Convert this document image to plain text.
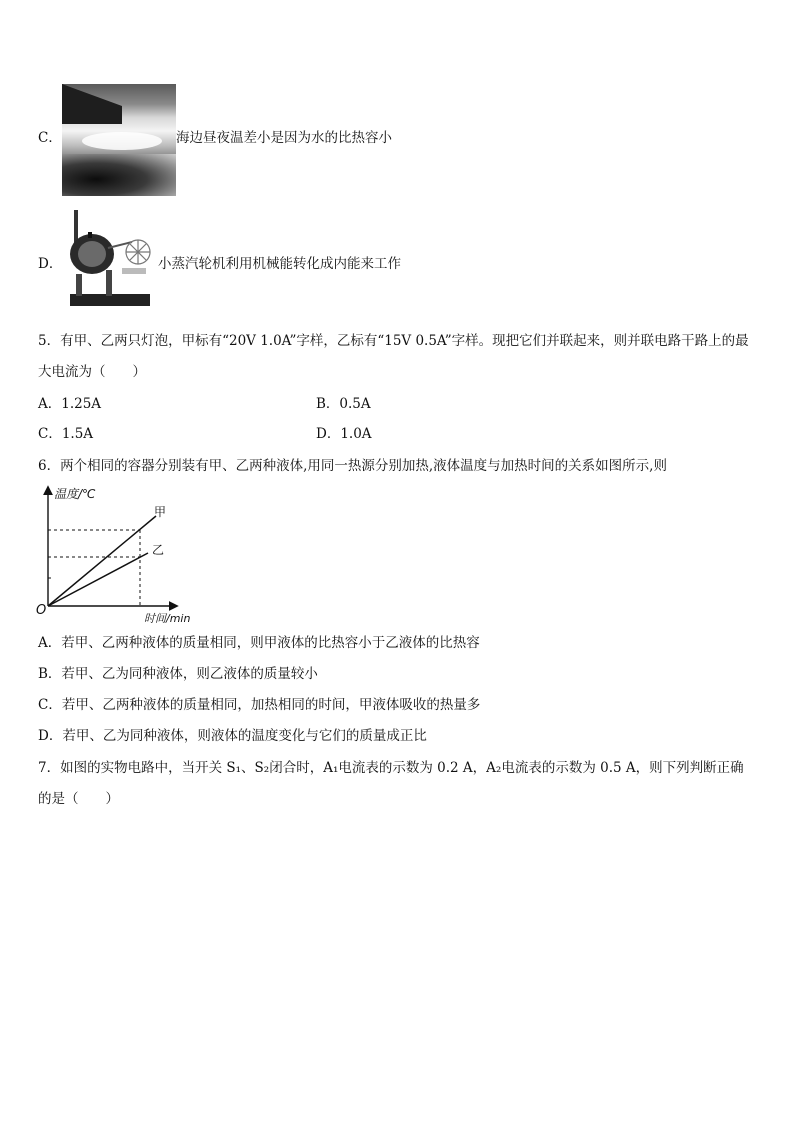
C．	海边昼夜温差小是因为水的比热容小
D．	小蒸汽轮机利用机械能转化成内能来工作
5．有甲、乙两只灯泡，甲标有“20V 1.0A”字样，乙标有“15V 0.5A”字样。现把它们并联起来，则并联电路干路上的最
大电流为（　　）
A．1.25A	B．0.5A
C．1.5A	D．1.0A
6．两个相同的容器分别装有甲、乙两种液体,用同一热源分别加热,液体温度与加热时间的关系如图所示,则
温度/℃
时间/min
O
甲
乙
A．若甲、乙两种液体的质量相同，则甲液体的比热容小于乙液体的比热容
B．若甲、乙为同种液体，则乙液体的质量较小
C．若甲、乙两种液体的质量相同，加热相同的时间，甲液体吸收的热量多
D．若甲、乙为同种液体，则液体的温度变化与它们的质量成正比
7．如图的实物电路中，当开关 S₁、S₂闭合时，A₁电流表的示数为 0.2 A，A₂电流表的示数为 0.5 A，则下列判断正确
的是（　　）
